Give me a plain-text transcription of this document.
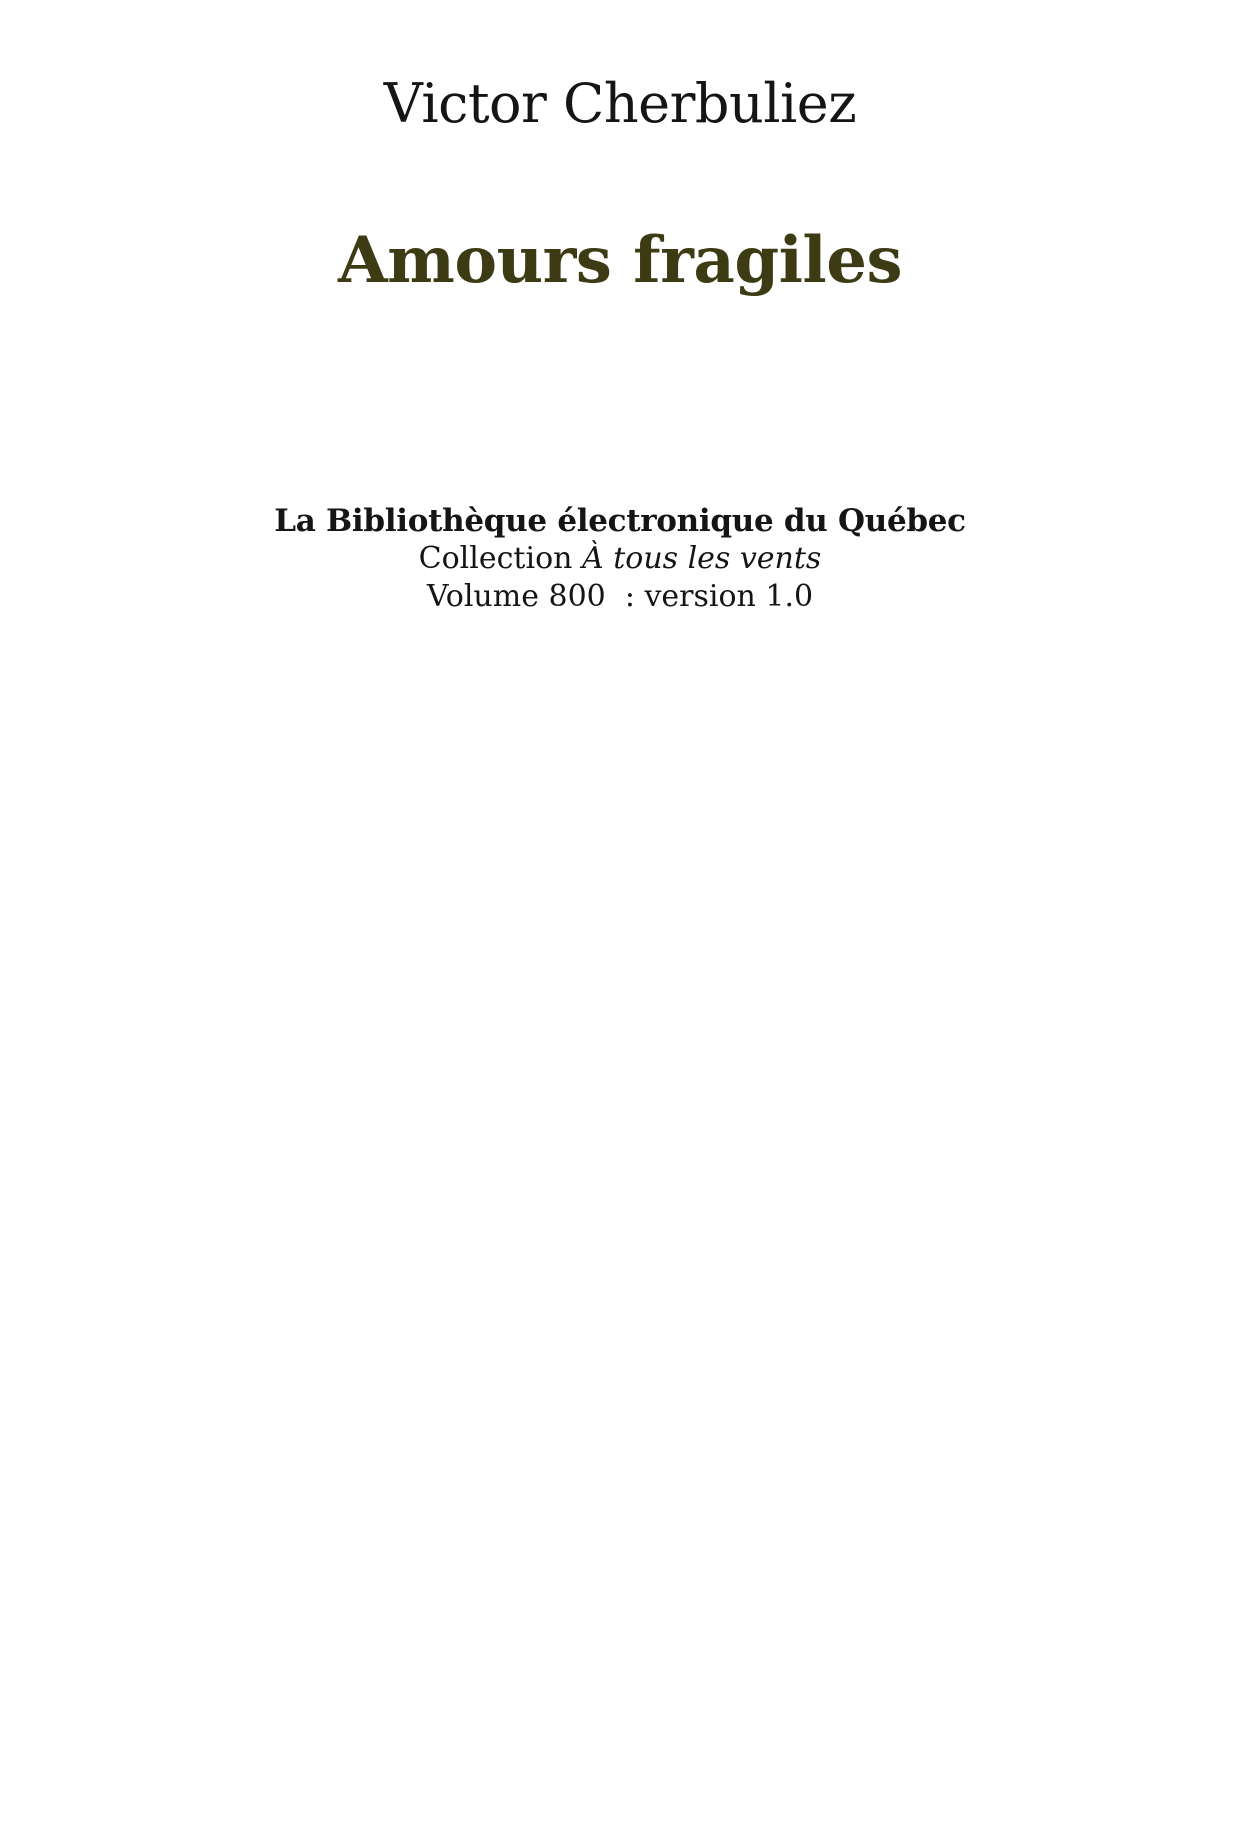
Victor Cherbuliez
Amours fragiles
La Bibliothèque électronique du Québec
Collection À tous les vents
Volume 800  : version 1.0
